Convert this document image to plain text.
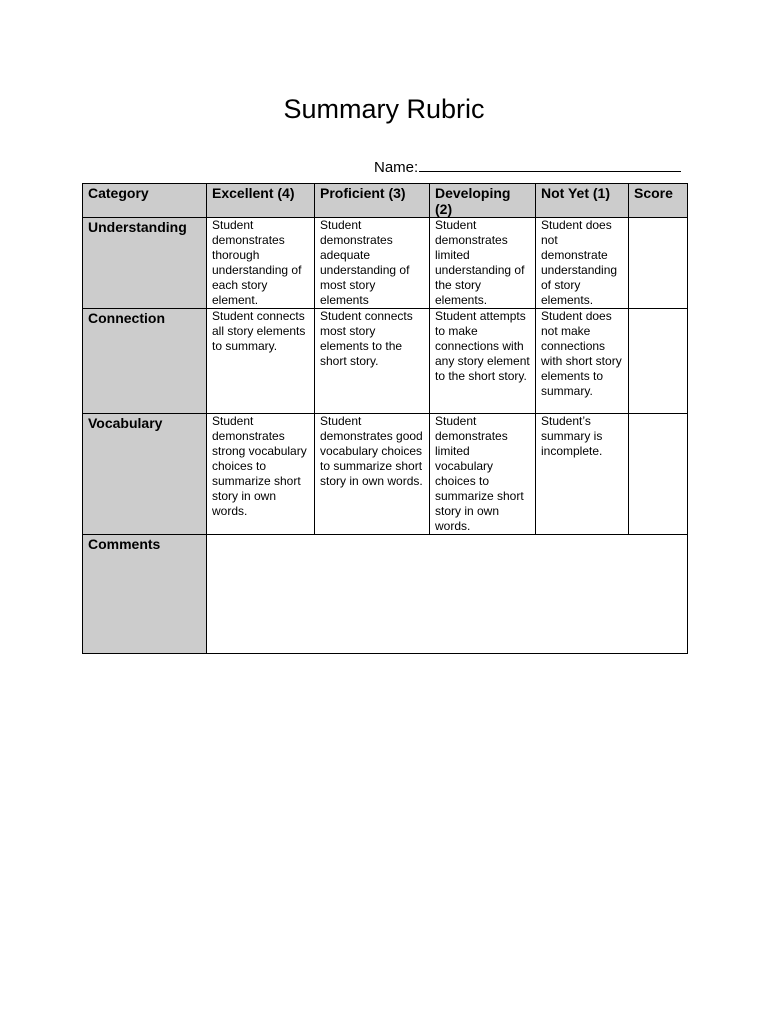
Summary Rubric
Name:
Category	Excellent (4)	Proficient (3)	Developing (2)	Not Yet (1)	Score
Understanding	Student demonstrates thorough understanding of each story element.	Student demonstrates adequate understanding of most story elements	Student demonstrates limited understanding of the story elements.	Student does not demonstrate understanding of story elements.	
Connection	Student connects all story elements to summary.	Student connects most story elements to the short story.	Student attempts to make connections with any story element to the short story.	Student does not make connections with short story elements to summary.	
Vocabulary	Student demonstrates strong vocabulary choices to summarize short story in own words.	Student demonstrates good vocabulary choices to summarize short story in own words.	Student demonstrates limited vocabulary choices to summarize short story in own words.	Student’s summary is incomplete.	
Comments					
